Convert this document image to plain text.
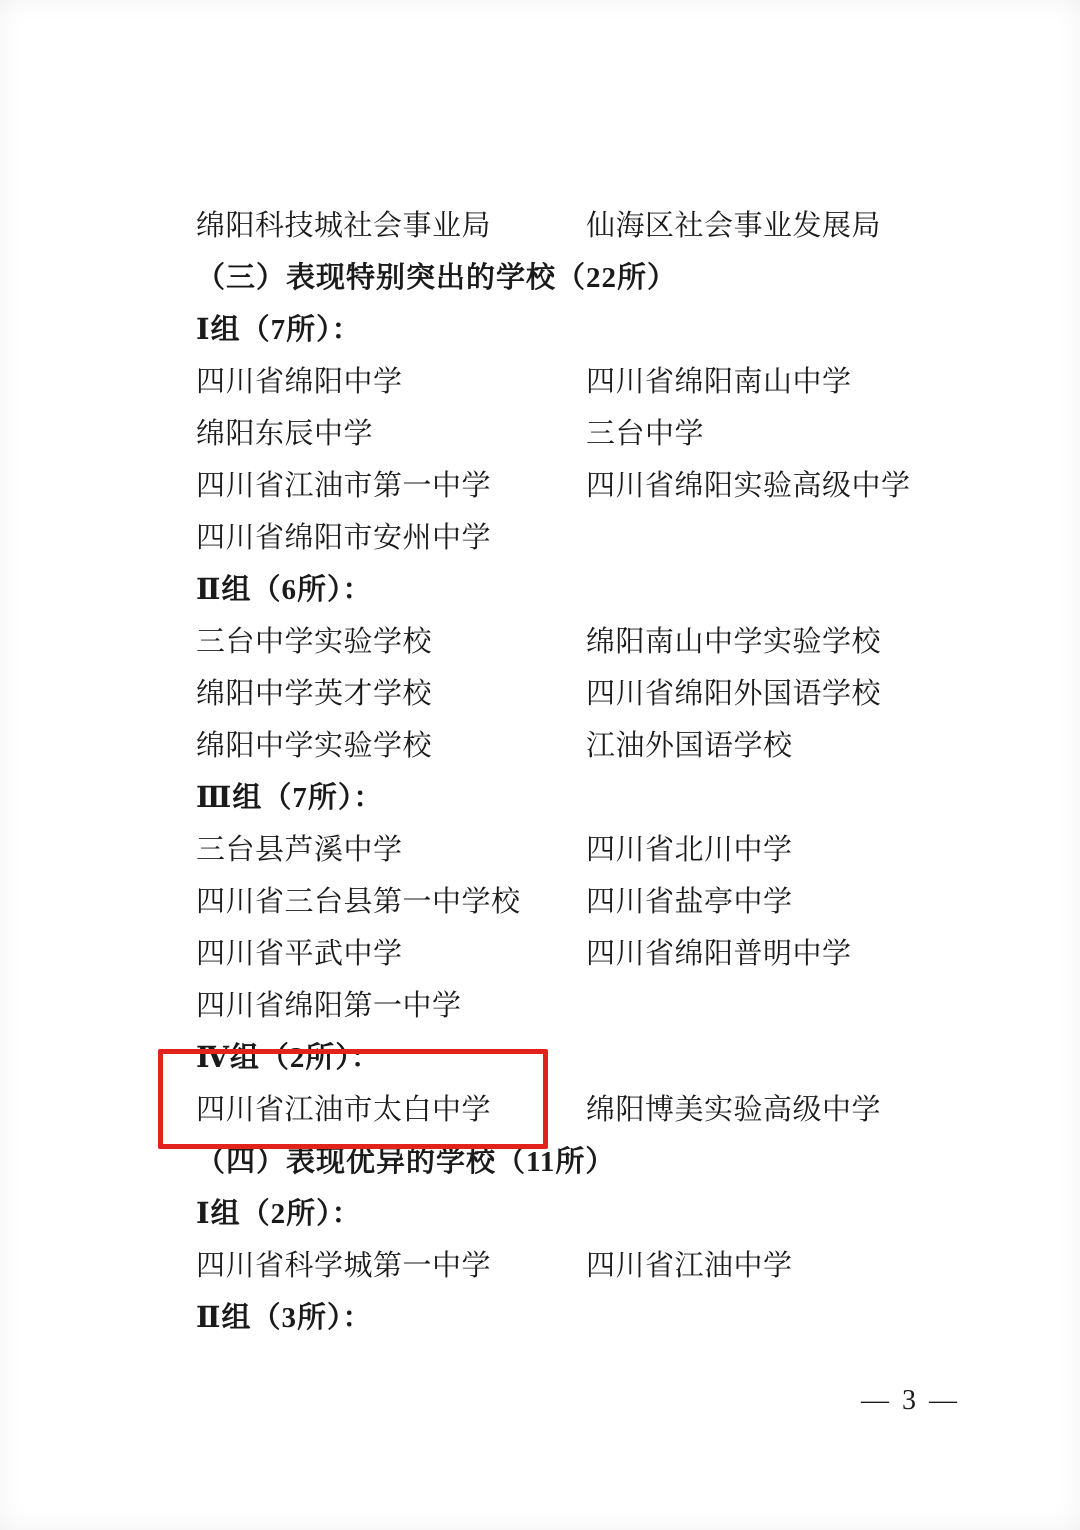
绵阳科技城社会事业局	仙海区社会事业发展局
（三）表现特别突出的学校（22所）
Ⅰ组（7所）：
四川省绵阳中学	四川省绵阳南山中学
绵阳东辰中学	三台中学
四川省江油市第一中学	四川省绵阳实验高级中学
四川省绵阳市安州中学
Ⅱ组（6所）：
三台中学实验学校	绵阳南山中学实验学校
绵阳中学英才学校	四川省绵阳外国语学校
绵阳中学实验学校	江油外国语学校
Ⅲ组（7所）：
三台县芦溪中学	四川省北川中学
四川省三台县第一中学校 四川省盐亭中学
四川省平武中学	四川省绵阳普明中学
四川省绵阳第一中学
Ⅳ组（2所）：
四川省江油市太白中学	绵阳博美实验高级中学
（四）表现优异的学校（11所）
Ⅰ组（2所）：
四川省科学城第一中学	四川省江油中学
Ⅱ组（3所）：
— 3 —
